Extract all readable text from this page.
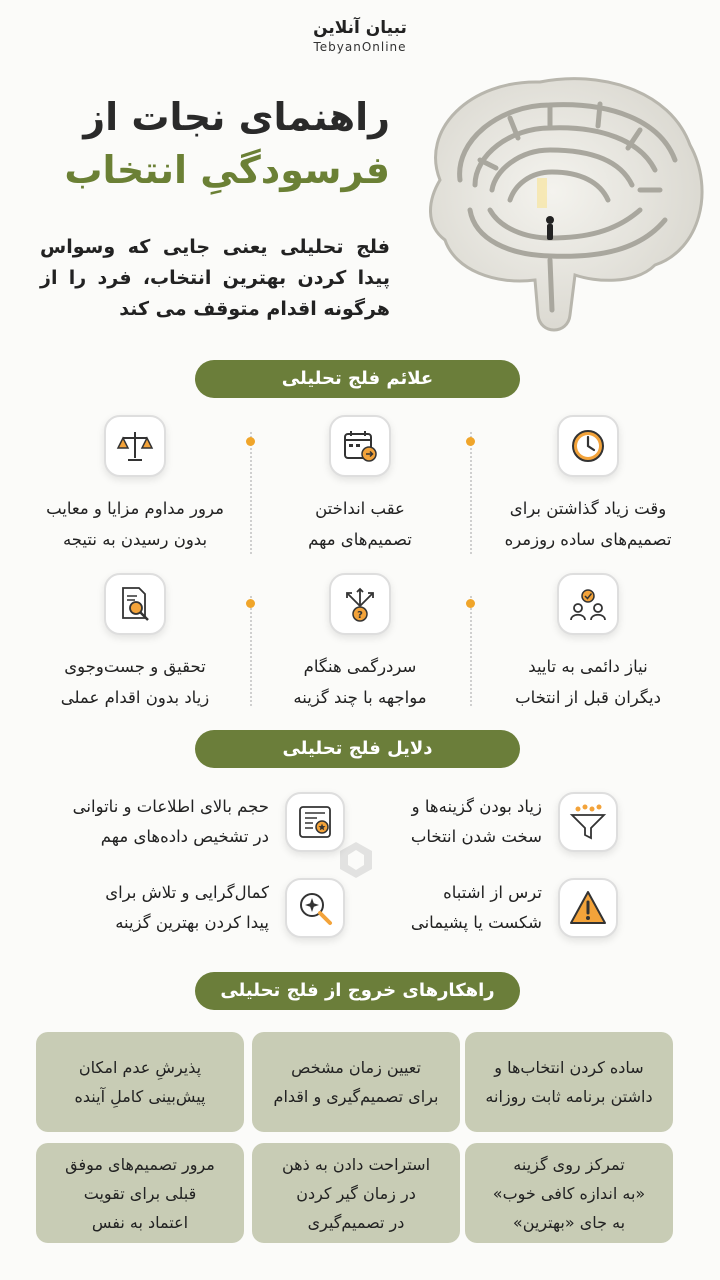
تبیان آنلاین
TebyanOnline
راهنمای نجات از
فرسودگیِ انتخاب
فلج تحلیلی یعنی جایی که وسواس پیدا کردن بهترین انتخاب، فرد را از هرگونه اقدام متوقف می کند
علائم فلج تحلیلی
وقت زیاد گذاشتن برای
تصمیم‌های ساده روزمره
عقب انداختن
تصمیم‌های مهم
مرور مداوم مزایا و معایب
بدون رسیدن به نتیجه
نیاز دائمی به تایید
دیگران قبل از انتخاب
?
سردرگمی هنگام
مواجهه با چند گزینه
تحقیق و جست‌وجوی
زیاد بدون اقدام عملی
دلایل فلج تحلیلی
زیاد بودن گزینه‌ها و
سخت شدن انتخاب
حجم بالای اطلاعات و ناتوانی
در تشخیص داده‌های مهم
ترس از اشتباه
شکست یا پشیمانی
کمال‌گرایی و تلاش برای
پیدا کردن بهترین گزینه
راهکارهای خروج از فلج تحلیلی
ساده کردن انتخاب‌ها و
داشتن برنامه ثابت روزانه
تعیین زمان مشخص
برای تصمیم‌گیری و اقدام
پذیرشِ عدم امکان
پیش‌بینی کاملِ آینده
تمرکز روی گزینه
«به اندازه کافی خوب»
به جای «بهترین»
استراحت دادن به ذهن
در زمان گیر کردن
در تصمیم‌گیری
مرور تصمیم‌های موفق
قبلی برای تقویت
اعتماد به نفس
